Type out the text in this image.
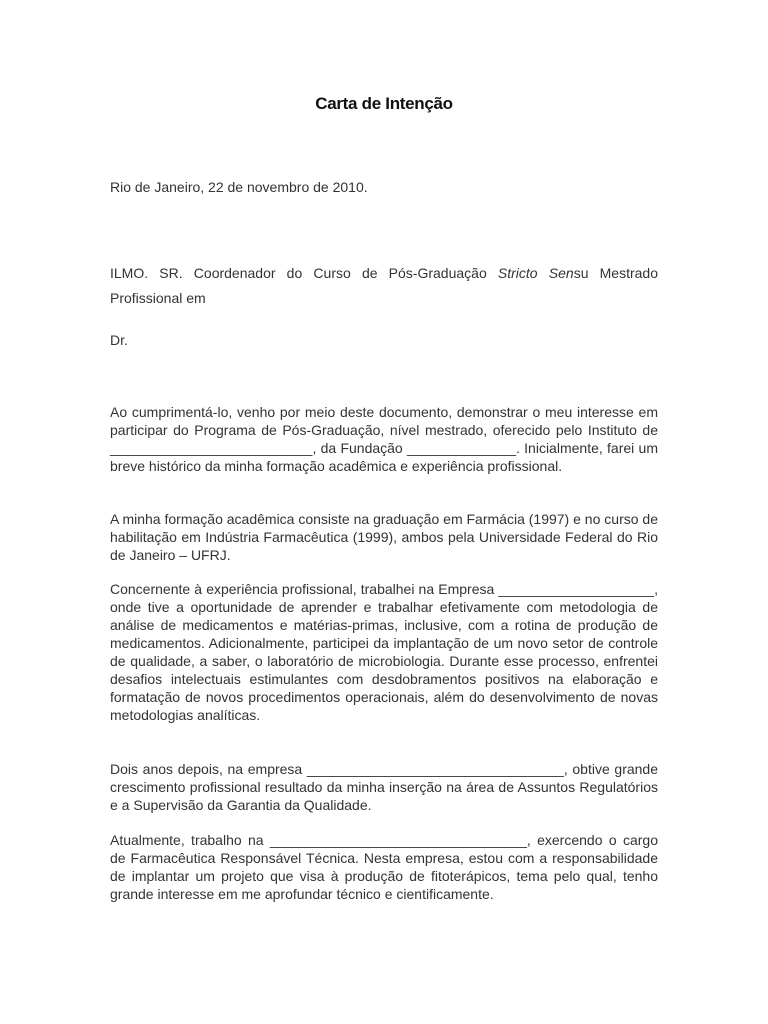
Carta de Intenção
Rio de Janeiro, 22 de novembro de 2010.
ILMO. SR. Coordenador do Curso de Pós-Graduação Stricto Sensu Mestrado
Profissional em
Dr.

Ao cumprimentá-lo, venho por meio deste documento, demonstrar o meu interesse em participar do Programa de Pós-Graduação, nível mestrado, oferecido pelo Instituto de __________________________, da Fundação ______________. Inicialmente, farei um breve histórico da minha formação acadêmica e experiência profissional.

A minha formação acadêmica consiste na graduação em Farmácia (1997) e no curso de habilitação em Indústria Farmacêutica (1999), ambos pela Universidade Federal do Rio de Janeiro – UFRJ.

Concernente à experiência profissional, trabalhei na Empresa ____________________, onde tive a oportunidade de aprender e trabalhar efetivamente com metodologia de análise de medicamentos e matérias-primas, inclusive, com a rotina de produção de medicamentos. Adicionalmente, participei da implantação de um novo setor de controle de qualidade, a saber, o laboratório de microbiologia. Durante esse processo, enfrentei desafios intelectuais estimulantes com desdobramentos positivos na elaboração e formatação de novos procedimentos operacionais, além do desenvolvimento de novas metodologias analíticas.

Dois anos depois, na empresa _________________________________, obtive grande crescimento profissional resultado da minha inserção na área de Assuntos Regulatórios e a Supervisão da Garantia da Qualidade.

Atualmente, trabalho na _________________________________, exercendo o cargo de Farmacêutica Responsável Técnica. Nesta empresa, estou com a responsabilidade de implantar um projeto que visa à produção de fitoterápicos, tema pelo qual, tenho grande interesse em me aprofundar técnico e cientificamente.
